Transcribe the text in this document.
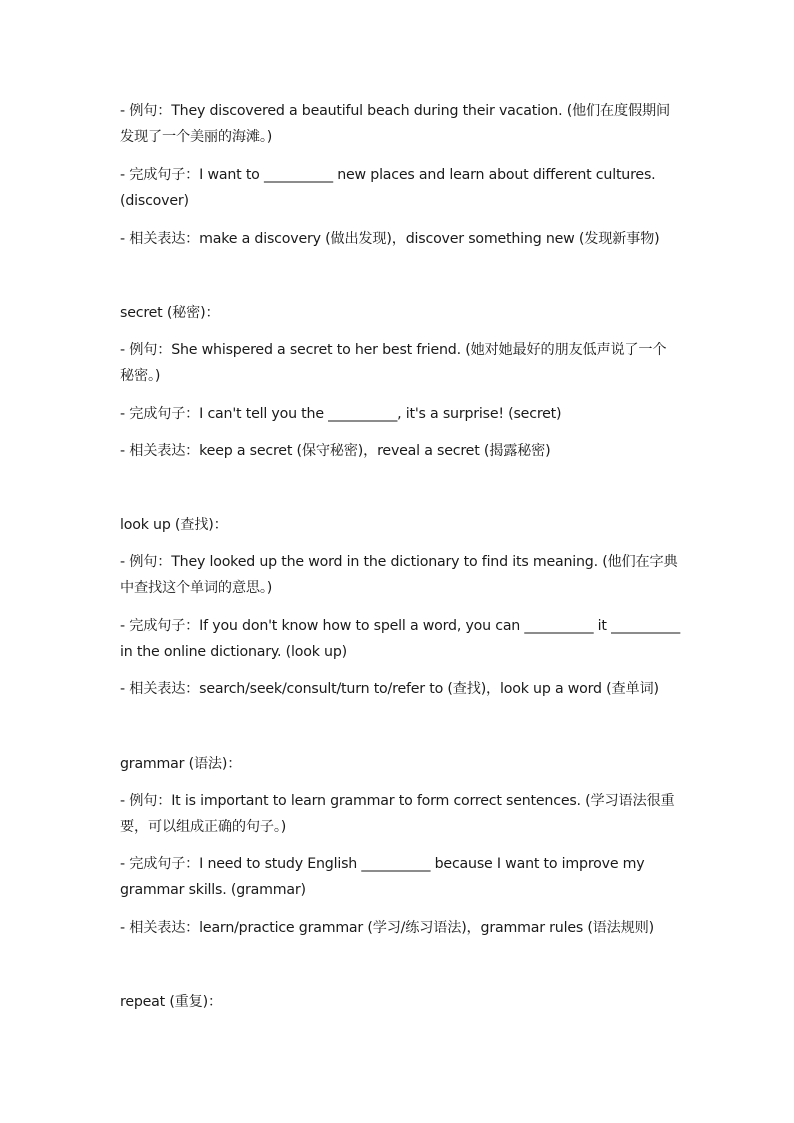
- 例句：They discovered a beautiful beach during their vacation. (他们在度假期间发现了一个美丽的海滩。)
- 完成句子：I want to __________ new places and learn about different cultures. (discover)
- 相关表达：make a discovery (做出发现)，discover something new (发现新事物)
secret (秘密)：
- 例句：She whispered a secret to her best friend. (她对她最好的朋友低声说了一个秘密。)
- 完成句子：I can't tell you the __________, it's a surprise! (secret)
- 相关表达：keep a secret (保守秘密)，reveal a secret (揭露秘密)
look up (查找)：
- 例句：They looked up the word in the dictionary to find its meaning. (他们在字典中查找这个单词的意思。)
- 完成句子：If you don't know how to spell a word, you can __________ it __________ in the online dictionary. (look up)
- 相关表达：search/seek/consult/turn to/refer to (查找)，look up a word (查单词)
grammar (语法)：
- 例句：It is important to learn grammar to form correct sentences. (学习语法很重要，可以组成正确的句子。)
- 完成句子：I need to study English __________ because I want to improve my grammar skills. (grammar)
- 相关表达：learn/practice grammar (学习/练习语法)，grammar rules (语法规则)
repeat (重复)：
